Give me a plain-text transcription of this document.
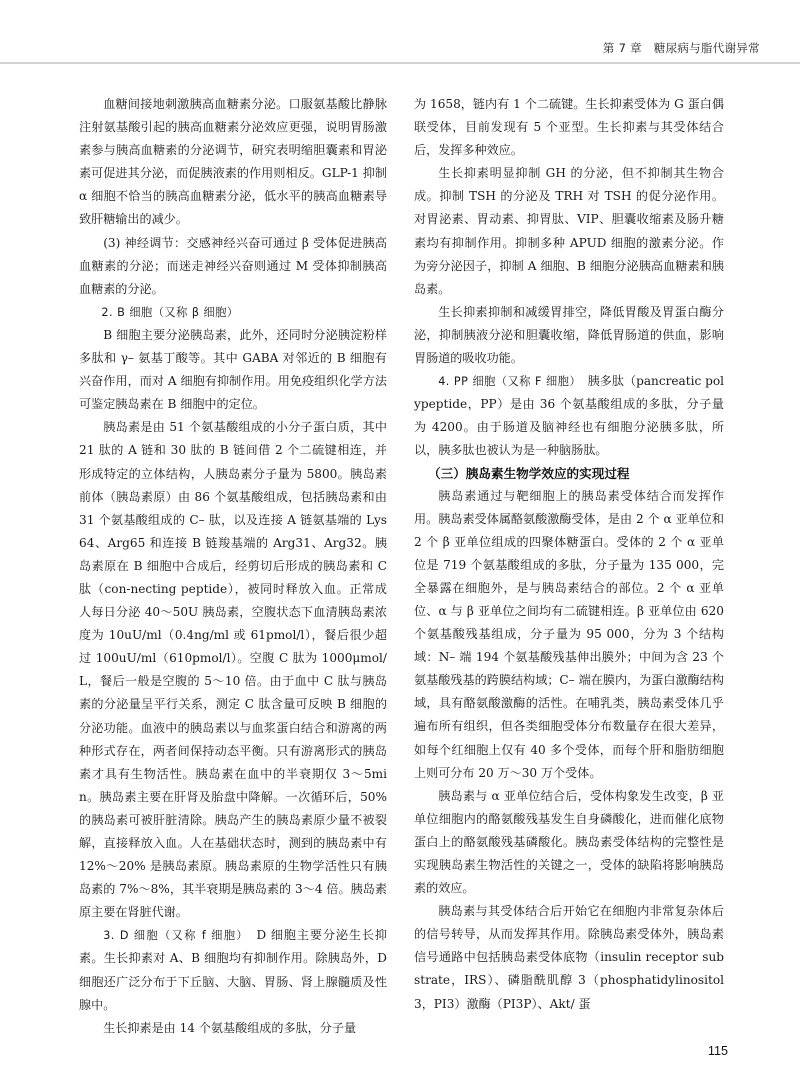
第 7 章　糖尿病与脂代谢异常

血糖间接地刺激胰高血糖素分泌。口服氨基酸比静脉注射氨基酸引起的胰高血糖素分泌效应更强，说明胃肠激素参与胰高血糖素的分泌调节，研究表明缩胆囊素和胃泌素可促进其分泌，而促胰液素的作用则相反。GLP-1 抑制 α 细胞不恰当的胰高血糖素分泌，低水平的胰高血糖素导致肝糖输出的减少。

(3) 神经调节：交感神经兴奋可通过 β 受体促进胰高血糖素的分泌；而迷走神经兴奋则通过 M 受体抑制胰高血糖素的分泌。

2. B 细胞（又称 β 细胞）

B 细胞主要分泌胰岛素，此外，还同时分泌胰淀粉样多肽和 γ– 氨基丁酸等。其中 GABA 对邻近的 B 细胞有兴奋作用，而对 A 细胞有抑制作用。用免疫组织化学方法可鉴定胰岛素在 B 细胞中的定位。

胰岛素是由 51 个氨基酸组成的小分子蛋白质，其中 21 肽的 A 链和 30 肽的 B 链间借 2 个二硫键相连，并形成特定的立体结构，人胰岛素分子量为 5800。胰岛素前体（胰岛素原）由 86 个氨基酸组成，包括胰岛素和由 31 个氨基酸组成的 C– 肽，以及连接 A 链氨基端的 Lys64、Arg65 和连接 B 链羧基端的 Arg31、Arg32。胰岛素原在 B 细胞中合成后，经剪切后形成的胰岛素和 C 肽（con-necting peptide），被同时释放入血。正常成人每日分泌 40～50U 胰岛素，空腹状态下血清胰岛素浓度为 10uU/ml（0.4ng/ml 或 61pmol/l），餐后很少超过 100uU/ml（610pmol/l）。空腹 C 肽为 1000μmol/L，餐后一般是空腹的 5～10 倍。由于血中 C 肽与胰岛素的分泌量呈平行关系，测定 C 肽含量可反映 B 细胞的分泌功能。血液中的胰岛素以与血浆蛋白结合和游离的两种形式存在，两者间保持动态平衡。只有游离形式的胰岛素才具有生物活性。胰岛素在血中的半衰期仅 3～5min。胰岛素主要在肝肾及胎盘中降解。一次循环后，50% 的胰岛素可被肝脏清除。胰岛产生的胰岛素原少量不被裂解，直接释放入血。人在基础状态时，测到的胰岛素中有 12%～20% 是胰岛素原。胰岛素原的生物学活性只有胰岛素的 7%～8%，其半衰期是胰岛素的 3～4 倍。胰岛素原主要在肾脏代谢。

3. D 细胞（又称 f 细胞）　 D 细胞主要分泌生长抑素。生长抑素对 A、B 细胞均有抑制作用。除胰岛外，D 细胞还广泛分布于下丘脑、大脑、胃肠、肾上腺髓质及性腺中。

生长抑素是由 14 个氨基酸组成的多肽，分子量

为 1658，链内有 1 个二硫键。生长抑素受体为 G 蛋白偶联受体，目前发现有 5 个亚型。生长抑素与其受体结合后，发挥多种效应。

生长抑素明显抑制 GH 的分泌，但不抑制其生物合成。抑制 TSH 的分泌及 TRH 对 TSH 的促分泌作用。对胃泌素、胃动素、抑胃肽、VIP、胆囊收缩素及肠升糖素均有抑制作用。抑制多种 APUD 细胞的激素分泌。作为旁分泌因子，抑制 A 细胞、B 细胞分泌胰高血糖素和胰岛素。

生长抑素抑制和减缓胃排空，降低胃酸及胃蛋白酶分泌，抑制胰液分泌和胆囊收缩，降低胃肠道的供血，影响胃肠道的吸收功能。

4. PP 细胞（又称 F 细胞）　 胰多肽（pancreatic polypeptide，PP）是由 36 个氨基酸组成的多肽，分子量为 4200。由于肠道及脑神经也有细胞分泌胰多肽，所以，胰多肽也被认为是一种脑肠肽。

（三）胰岛素生物学效应的实现过程

胰岛素通过与靶细胞上的胰岛素受体结合而发挥作用。胰岛素受体属酪氨酸激酶受体，是由 2 个 α 亚单位和 2 个 β 亚单位组成的四聚体糖蛋白。受体的 2 个 α 亚单位是 719 个氨基酸组成的多肽，分子量为 135 000，完全暴露在细胞外，是与胰岛素结合的部位。2 个 α 亚单位、α 与 β 亚单位之间均有二硫键相连。β 亚单位由 620 个氨基酸残基组成，分子量为 95 000，分为 3 个结构域：N– 端 194 个氨基酸残基伸出膜外；中间为含 23 个氨基酸残基的跨膜结构域；C– 端在膜内，为蛋白激酶结构域，具有酪氨酸激酶的活性。在哺乳类，胰岛素受体几乎遍布所有组织，但各类细胞受体分布数量存在很大差异，如每个红细胞上仅有 40 多个受体，而每个肝和脂肪细胞上则可分布 20 万～30 万个受体。

胰岛素与 α 亚单位结合后，受体构象发生改变，β 亚单位细胞内的酪氨酸残基发生自身磷酸化，进而催化底物蛋白上的酪氨酸残基磷酸化。胰岛素受体结构的完整性是实现胰岛素生物活性的关键之一，受体的缺陷将影响胰岛素的效应。

胰岛素与其受体结合后开始它在细胞内非常复杂体后的信号转导，从而发挥其作用。除胰岛素受体外，胰岛素信号通路中包括胰岛素受体底物（insulin receptor substrate，IRS）、磷脂酰肌醇 3（phosphatidylinositol 3，PI3）激酶（PI3P）、Akt/ 蛋

115
